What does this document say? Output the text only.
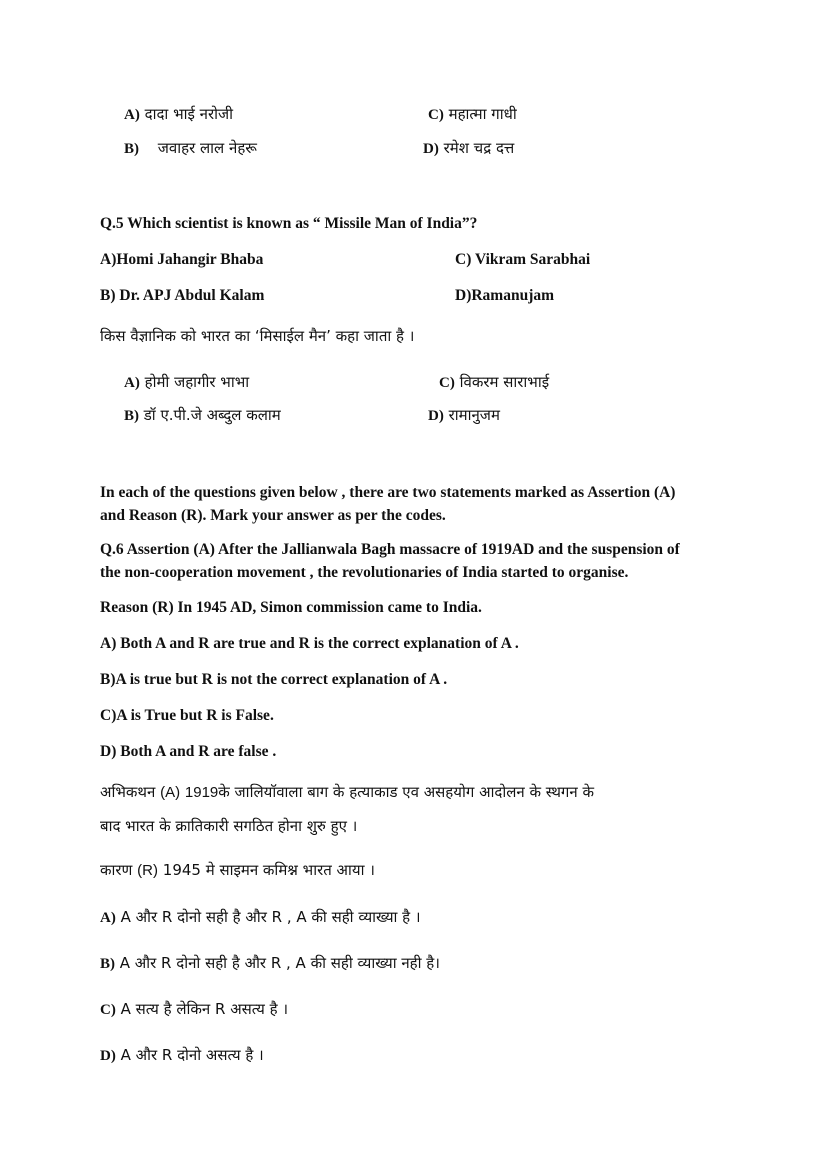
A) दादा भाई नरोजी	C) महात्मा गाधी
B) जवाहर लाल नेहरू	D) रमेश चद्र दत्त
Q.5 Which scientist is known as “ Missile Man of India”?
A)Homi Jahangir Bhaba	C) Vikram Sarabhai
B) Dr. APJ Abdul Kalam	D)Ramanujam
किस वैज्ञानिक को भारत का ‘मिसाईल मैन’ कहा जाता है ।
A) होमी जहागीर भाभा	C) विकरम साराभाई
B) डॉ ए.पी.जे अब्दुल कलाम	D) रामानुजम
In each of the questions given below , there are two statements marked as Assertion (A)
and Reason (R). Mark your answer as per the codes.
Q.6 Assertion (A) After the Jallianwala Bagh massacre of 1919AD and the suspension of
the non-cooperation movement , the revolutionaries of India started to organise.
Reason (R) In 1945 AD, Simon commission came to India.
A) Both A and R are true and R is the correct explanation of A .
B)A is true but R is not the correct explanation of A .
C)A is True but R is False.
D) Both A and R are false .
अभिकथन (A) 1919के जालियॉवाला बाग के हत्याकाड एव असहयोग आदोलन के स्थगन के
बाद भारत के क्रातिकारी सगठित होना शुरु हुए ।
कारण (R) 1945 मे साइमन कमिश्न भारत आया ।
A) A और R दोनो सही है और R , A की सही व्याख्या है ।
B) A और R दोनो सही है और R , A की सही व्याख्या नही है।
C) A सत्य है लेकिन R असत्य है ।
D) A और R दोनो असत्य है ।
